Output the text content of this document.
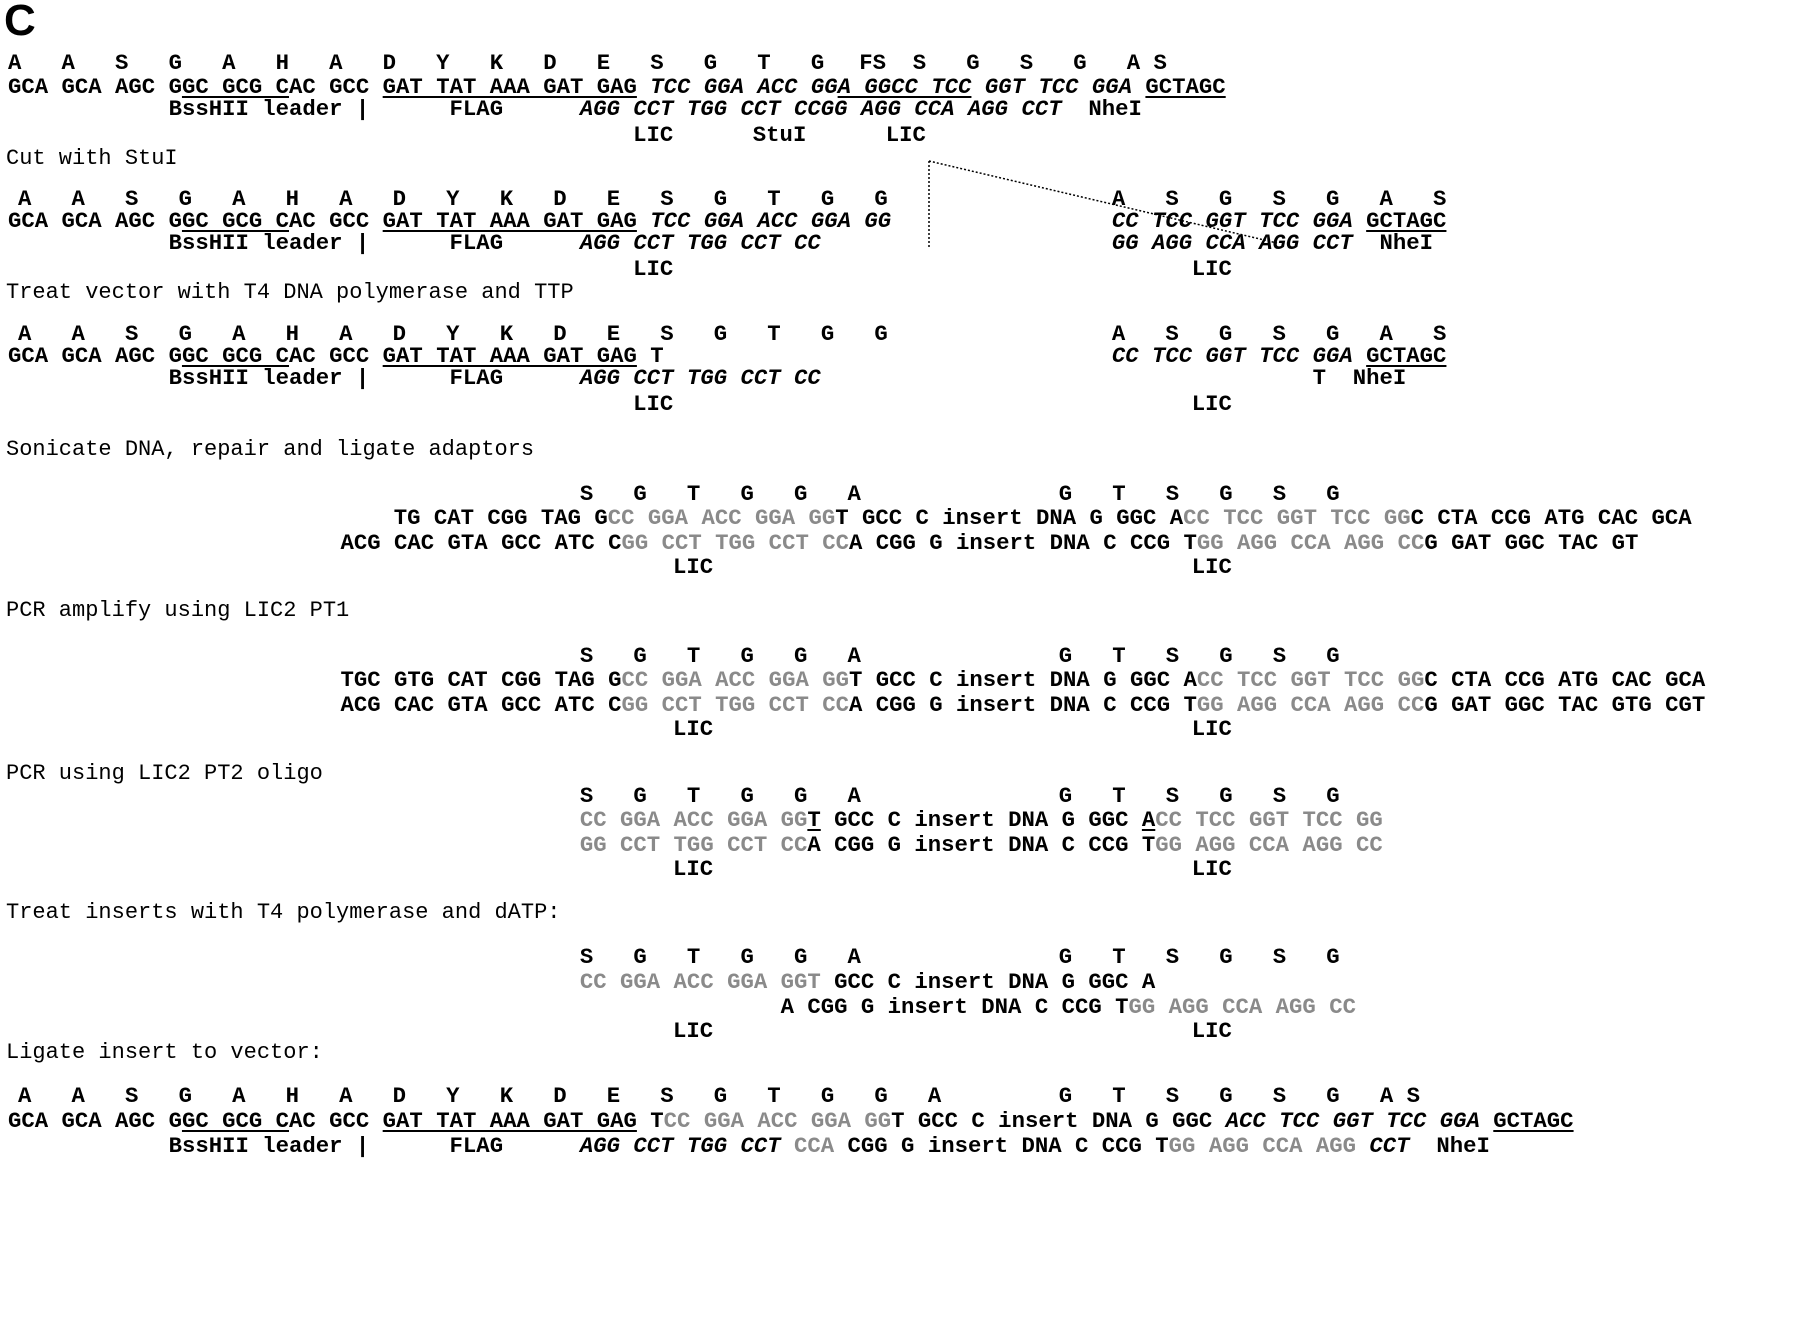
C
A   A   S   G   A   H   A   D   Y   K   D   E   S   G   T   G FS  S   G   S   G   A S
GCA GCA AGC GGC GCG CAC GCC GAT TAT AAA GAT GAG TCC GGA ACC GGA GGCC TCC GGT TCC GGA GCTAGC
BssHII leader |      FLAG	AGG CCT TGG CCT CCGG AGG CCA AGG CCT NheI
LIC	StuI	LIC
Cut with StuI
A   A   S   G   A   H   A   D   Y   K   D   E   S   G   T   G   G
GCA GCA AGC GGC GCG CAC GCC GAT TAT AAA GAT GAG TCC GGA ACC GGA GG
BssHII leader |      FLAG	AGG CCT TGG CCT CC
LIC
A   S   G   S   G   A   S
CC TCC GGT TCC GGA GCTAGC
GG AGG CCA AGG CCT NheI
LIC
Treat vector with T4 DNA polymerase and TTP
A   A   S   G   A   H   A   D   Y   K   D   E   S   G   T   G   G
GCA GCA AGC GGC GCG CAC GCC GAT TAT AAA GAT GAG T
BssHII leader |      FLAG	AGG CCT TGG CCT CC
LIC
A   S   G   S   G   A   S
CC TCC GGT TCC GGA GCTAGC
T  NheI
LIC
Sonicate DNA, repair and ligate adaptors
S   G   T   G   G   A	G   T   S   G   S   G
TG CAT CGG TAG GCC GGA ACC GGA GGT GCC C insert DNA G GGC ACC TCC GGT TCC GGC CTA CCG ATG CAC GCA
ACG CAC GTA GCC ATC CGG CCT TGG CCT CCA CGG G insert DNA C CCG TGG AGG CCA AGG CCG GAT GGC TAC GT
LIC	LIC
PCR amplify using LIC2 PT1
S   G   T   G   G   A	G   T   S   G   S   G
TGC GTG CAT CGG TAG GCC GGA ACC GGA GGT GCC C insert DNA G GGC ACC TCC GGT TCC GGC CTA CCG ATG CAC GCA
ACG CAC GTA GCC ATC CGG CCT TGG CCT CCA CGG G insert DNA C CCG TGG AGG CCA AGG CCG GAT GGC TAC GTG CGT
LIC	LIC
PCR using LIC2 PT2 oligo
S   G   T   G   G   A	G   T   S   G   S   G
CC GGA ACC GGA GGT GCC C insert DNA G GGC ACC TCC GGT TCC GG
GG CCT TGG CCT CCA CGG G insert DNA C CCG TGG AGG CCA AGG CC
LIC	LIC
Treat inserts with T4 polymerase and dATP:
S   G   T   G   G   A	G   T   S   G   S   G
CC GGA ACC GGA GGT GCC C insert DNA G GGC A
A CGG G insert DNA C CCG TGG AGG CCA AGG CC
LIC	LIC
Ligate insert to vector:
A   A   S   G   A   H   A   D   Y   K   D   E   S   G   T   G   G   A	G   T   S   G   S   G   A S
GCA GCA AGC GGC GCG CAC GCC GAT TAT AAA GAT GAG TCC GGA ACC GGA GGT GCC C insert DNA G GGC ACC TCC GGT TCC GGA GCTAGC
BssHII leader |      FLAG	AGG CCT TGG CCT CCA CGG G insert DNA C CCG TGG AGG CCA AGG CCT NheI
